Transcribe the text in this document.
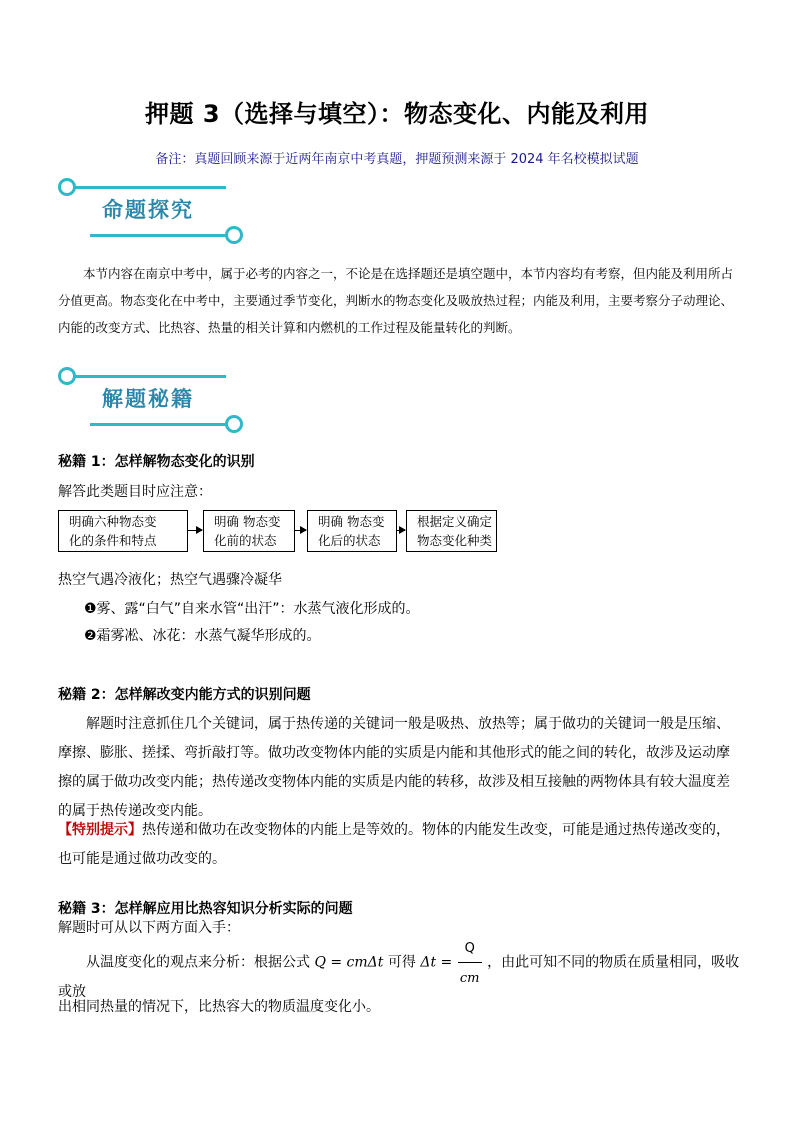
押题 3（选择与填空）：物态变化、内能及利用
备注：真题回顾来源于近两年南京中考真题，押题预测来源于 2024 年名校模拟试题
命题探究
本节内容在南京中考中，属于必考的内容之一，不论是在选择题还是填空题中，本节内容均有考察，但内能及利用所占分值更高。物态变化在中考中，主要通过季节变化，判断水的物态变化及吸放热过程；内能及利用，主要考察分子动理论、内能的改变方式、比热容、热量的相关计算和内燃机的工作过程及能量转化的判断。
解题秘籍
秘籍 1：怎样解物态变化的识别
解答此类题目时应注意：
明确六种物态变
化的条件和特点
明确 物态变
化前的状态
明确 物态变
化后的状态
根据定义确定
物态变化种类
热空气遇冷液化；热空气遇骤冷凝华
❶雾、露“白气”自来水管“出汗”：水蒸气液化形成的。
❷霜雾凇、冰花：水蒸气凝华形成的。
秘籍 2：怎样解改变内能方式的识别问题
解题时注意抓住几个关键词，属于热传递的关键词一般是吸热、放热等；属于做功的关键词一般是压缩、摩擦、膨胀、搓揉、弯折敲打等。做功改变物体内能的实质是内能和其他形式的能之间的转化，故涉及运动摩擦的属于做功改变内能；热传递改变物体内能的实质是内能的转移，故涉及相互接触的两物体具有较大温度差的属于热传递改变内能。
【特别提示】热传递和做功在改变物体的内能上是等效的。物体的内能发生改变，可能是通过热传递改变的，也可能是通过做功改变的。
秘籍 3：怎样解应用比热容知识分析实际的问题
解题时可从以下两方面入手：
从温度变化的观点来分析：根据公式 Q = cmΔt 可得 $\Delta t = \frac{Q}{cm}$ ，由此可知不同的物质在质量相同，吸收或放
出相同热量的情况下，比热容大的物质温度变化小。
